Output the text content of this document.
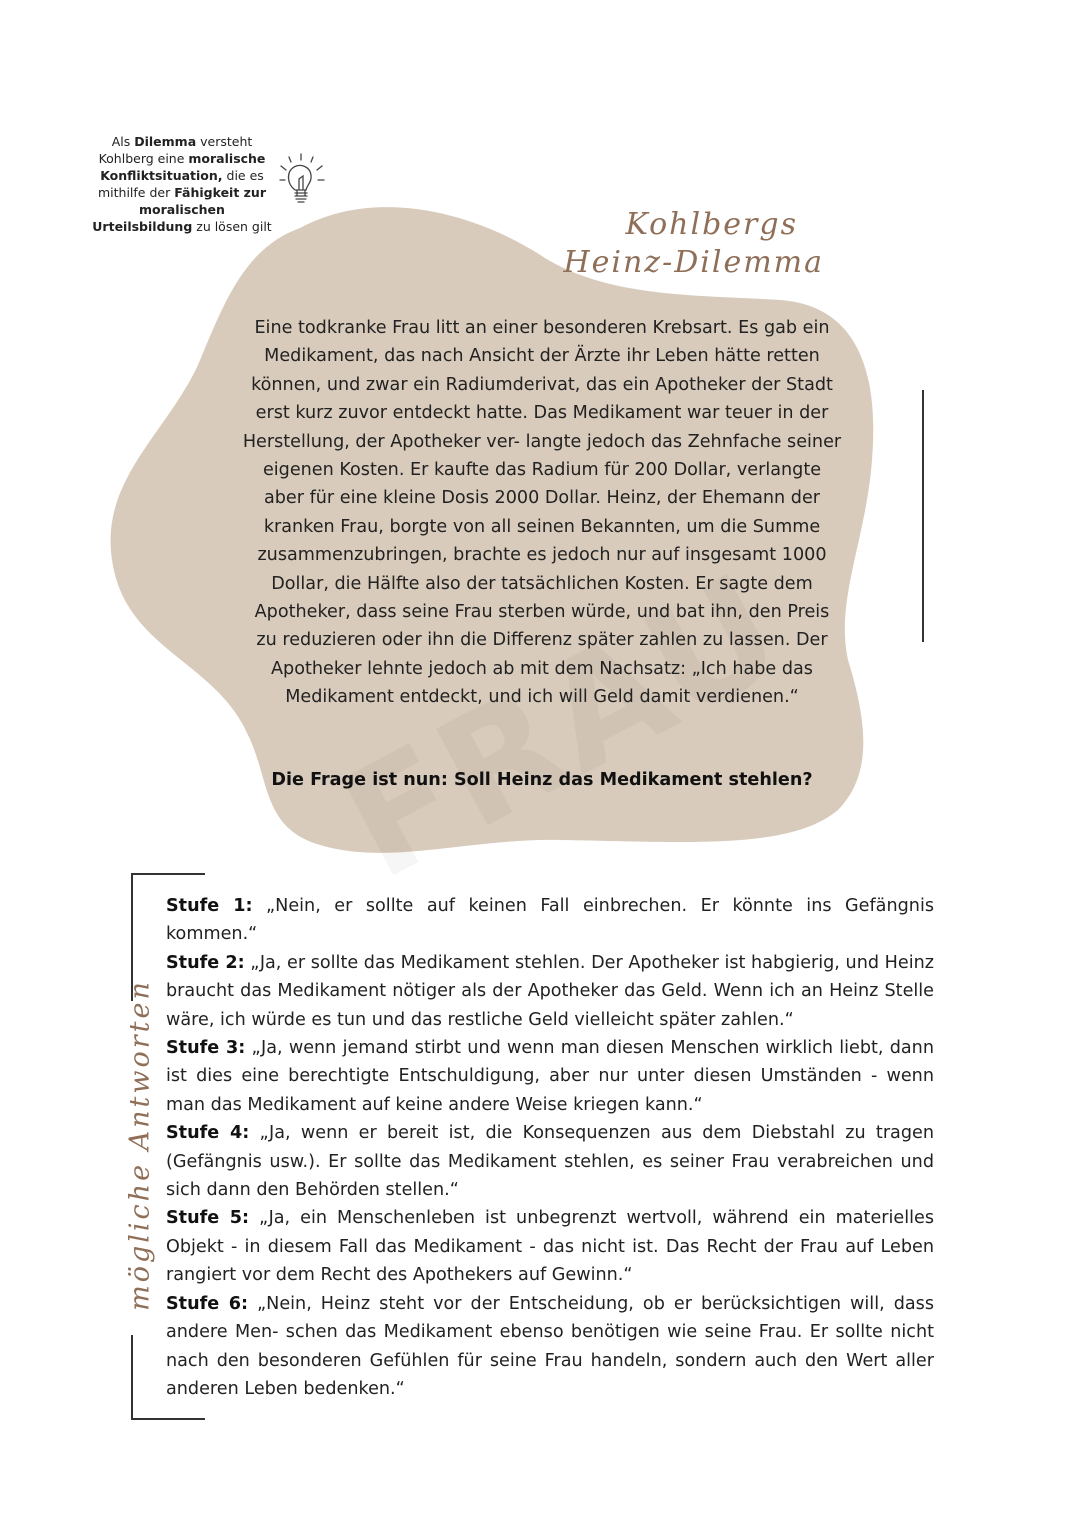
Als Dilemma versteht Kohlberg eine moralische Konfliktsituation, die es mithilfe der Fähigkeit zur moralischen Urteilsbildung zu lösen gilt	Kohlbergs
Heinz-Dilemma
Eine todkranke Frau litt an einer besonderen Krebsart. Es gab ein Medikament, das nach Ansicht der Ärzte ihr Leben hätte retten können, und zwar ein Radiumderivat, das ein Apotheker der Stadt erst kurz zuvor entdeckt hatte. Das Medikament war teuer in der Herstellung, der Apotheker ver- langte jedoch das Zehnfache seiner eigenen Kosten. Er kaufte das Radium für 200 Dollar, verlangte aber für eine kleine Dosis 2000 Dollar. Heinz, der Ehemann der kranken Frau, borgte von all seinen Bekannten, um die Summe zusammenzubringen, brachte es jedoch nur auf insgesamt 1000 Dollar, die Hälfte also der tatsächlichen Kosten. Er sagte dem Apotheker, dass seine Frau sterben würde, und bat ihn, den Preis zu reduzieren oder ihn die Differenz später zahlen zu lassen. Der Apotheker lehnte jedoch ab mit dem Nachsatz: „Ich habe das Medikament entdeckt, und ich will Geld damit verdienen.“
Die Frage ist nun: Soll Heinz das Medikament stehlen?
mögliche Antworten

Stufe 1: „Nein, er sollte auf keinen Fall einbrechen. Er könnte ins Gefängnis kommen.“

Stufe 2: „Ja, er sollte das Medikament stehlen. Der Apotheker ist habgierig, und Heinz braucht das Medikament nötiger als der Apotheker das Geld. Wenn ich an Heinz Stelle wäre, ich würde es tun und das restliche Geld vielleicht später zahlen.“

Stufe 3: „Ja, wenn jemand stirbt und wenn man diesen Menschen wirklich liebt, dann ist dies eine berechtigte Entschuldigung, aber nur unter diesen Umständen - wenn man das Medikament auf keine andere Weise kriegen kann.“

Stufe 4: „Ja, wenn er bereit ist, die Konsequenzen aus dem Diebstahl zu tragen (Gefängnis usw.). Er sollte das Medikament stehlen, es seiner Frau verabreichen und sich dann den Behörden stellen.“

Stufe 5: „Ja, ein Menschenleben ist unbegrenzt wertvoll, während ein materielles Objekt - in diesem Fall das Medikament - das nicht ist. Das Recht der Frau auf Leben rangiert vor dem Recht des Apothekers auf Gewinn.“

Stufe 6: „Nein, Heinz steht vor der Entscheidung, ob er berücksichtigen will, dass andere Men- schen das Medikament ebenso benötigen wie seine Frau. Er sollte nicht nach den besonderen Gefühlen für seine Frau handeln, sondern auch den Wert aller anderen Leben bedenken.“
